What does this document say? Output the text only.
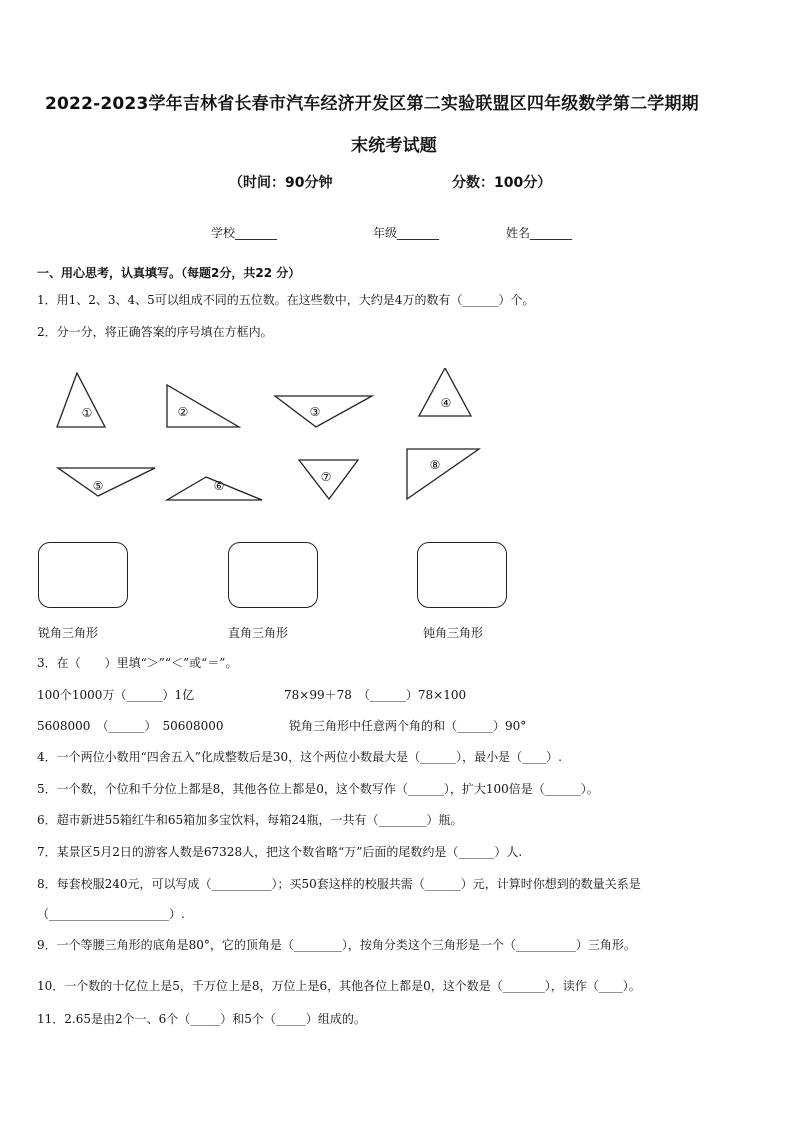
2022-2023学年吉林省长春市汽车经济开发区第二实验联盟区四年级数学第二学期期
末统考试题
（时间：90分钟	分数：100分）
学校_______	年级_______	姓名_______
一、用心思考，认真填写。（每题2分，共22 分）
1．用1、2、3、4、5可以组成不同的五位数。在这些数中，大约是4万的数有（______）个。
2．分一分，将正确答案的序号填在方框内。
①	②	③
④
⑤	⑥
⑦
⑧
锐角三角形	直角三角形	钝角三角形
3．在（　　）里填“＞”“＜”或“＝”。
100个1000万（______）1亿	78×99＋78　（______）78×100
5608000　（______）　50608000	锐角三角形中任意两个角的和（______）90°
4．一个两位小数用“四舍五入”化成整数后是30，这个两位小数最大是（______），最小是（____）.
5．一个数，个位和千分位上都是8，其他各位上都是0，这个数写作（______），扩大100倍是（______）。
6．超市新进55箱红牛和65箱加多宝饮料，每箱24瓶，一共有（________）瓶。
7．某景区5月2日的游客人数是67328人，把这个数省略“万”后面的尾数约是（______）人.
8．每套校服240元，可以写成（__________）；买50套这样的校服共需（______）元，计算时你想到的数量关系是
（____________________）.
9．一个等腰三角形的底角是80°，它的顶角是（________），按角分类这个三角形是一个（__________）三角形。
10．一个数的十亿位上是5，千万位上是8，万位上是6，其他各位上都是0，这个数是（_______），读作（____）。
11．2.65是由2个一、6个（_____）和5个（_____）组成的。
